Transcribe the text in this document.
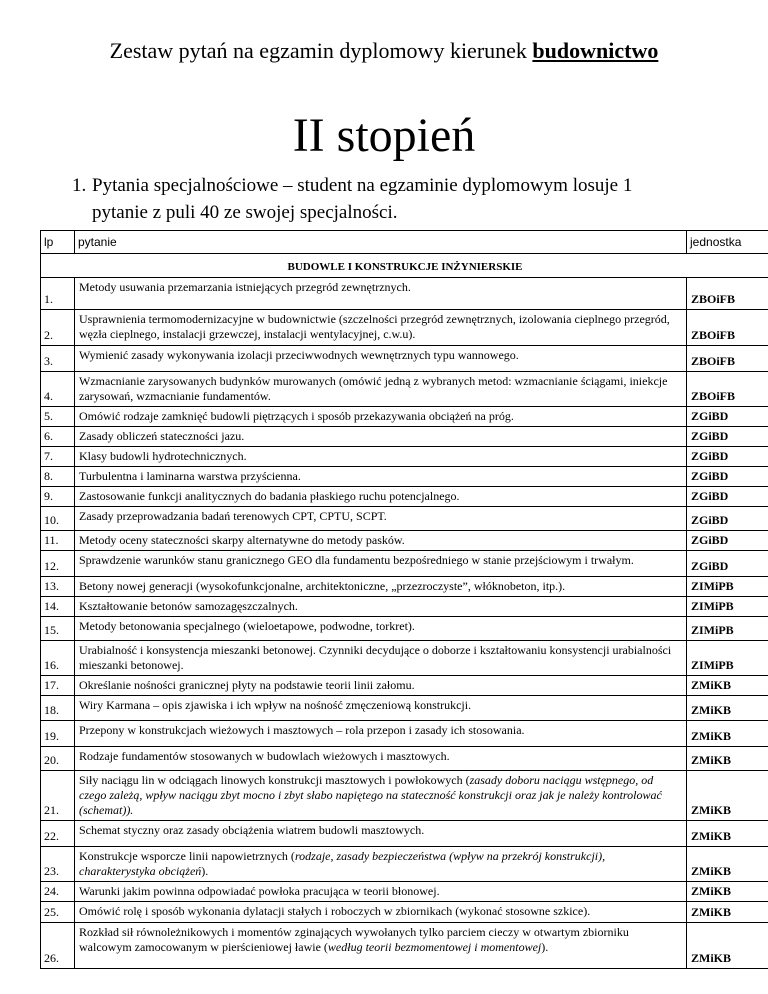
Zestaw pytań na egzamin dyplomowy kierunek budownictwo
II stopień
1. Pytania specjalnościowe – student na egzaminie dyplomowym losuje 1 pytanie z puli 40 ze swojej specjalności.
lp	pytanie	jednostka
BUDOWLE I KONSTRUKCJE INŻYNIERSKIE		
1.	Metody usuwania przemarzania istniejących przegród zewnętrznych.	ZBOiFB
2.	Usprawnienia termomodernizacyjne w budownictwie (szczelności przegród zewnętrznych, izolowania cieplnego przegród, węzła cieplnego, instalacji grzewczej, instalacji wentylacyjnej, c.w.u).	ZBOiFB
3.	Wymienić zasady wykonywania izolacji przeciwwodnych wewnętrznych typu wannowego.	ZBOiFB
4.	Wzmacnianie zarysowanych budynków murowanych (omówić jedną z wybranych metod: wzmacnianie ściągami, iniekcje zarysowań, wzmacnianie fundamentów.	ZBOiFB
5.	Omówić rodzaje zamknięć budowli piętrzących i sposób przekazywania obciążeń na próg.	ZGiBD
6.	Zasady obliczeń stateczności jazu.	ZGiBD
7.	Klasy budowli hydrotechnicznych.	ZGiBD
8.	Turbulentna i laminarna warstwa przyścienna.	ZGiBD
9.	Zastosowanie funkcji analitycznych do badania płaskiego ruchu potencjalnego.	ZGiBD
10.	Zasady przeprowadzania badań terenowych CPT, CPTU, SCPT.	ZGiBD
11.	Metody oceny stateczności skarpy alternatywne do metody pasków.	ZGiBD
12.	Sprawdzenie warunków stanu granicznego GEO dla fundamentu bezpośredniego w stanie przejściowym i trwałym.	ZGiBD
13.	Betony nowej generacji (wysokofunkcjonalne, architektoniczne, „przezroczyste”, włóknobeton, itp.).	ZIMiPB
14.	Kształtowanie betonów samozagęszczalnych.	ZIMiPB
15.	Metody betonowania specjalnego (wieloetapowe, podwodne, torkret).	ZIMiPB
16.	Urabialność i konsystencja mieszanki betonowej. Czynniki decydujące o doborze i kształtowaniu konsystencji urabialności mieszanki betonowej.	ZIMiPB
17.	Określanie nośności granicznej płyty na podstawie teorii linii załomu.	ZMiKB
18.	Wiry Karmana – opis zjawiska i ich wpływ na nośność zmęczeniową konstrukcji.	ZMiKB
19.	Przepony w konstrukcjach wieżowych i masztowych – rola przepon i zasady ich stosowania.	ZMiKB
20.	Rodzaje fundamentów stosowanych w budowlach wieżowych i masztowych.	ZMiKB
21.	Siły naciągu lin w odciągach linowych konstrukcji masztowych i powłokowych (zasady doboru naciągu wstępnego, od czego zależą, wpływ naciągu zbyt mocno i zbyt słabo napiętego na stateczność konstrukcji oraz jak je należy kontrolować (schemat)).	ZMiKB
22.	Schemat styczny oraz zasady obciążenia wiatrem budowli masztowych.	ZMiKB
23.	Konstrukcje wsporcze linii napowietrznych (rodzaje, zasady bezpieczeństwa (wpływ na przekrój konstrukcji), charakterystyka obciążeń).	ZMiKB
24.	Warunki jakim powinna odpowiadać powłoka pracująca w teorii błonowej.	ZMiKB
25.	Omówić rolę i sposób wykonania dylatacji stałych i roboczych w zbiornikach (wykonać stosowne szkice).	ZMiKB
26.	Rozkład sił równoleżnikowych i momentów zginających wywołanych tylko parciem cieczy w otwartym zbiorniku walcowym zamocowanym w pierścieniowej ławie (według teorii bezmomentowej i momentowej).	ZMiKB
